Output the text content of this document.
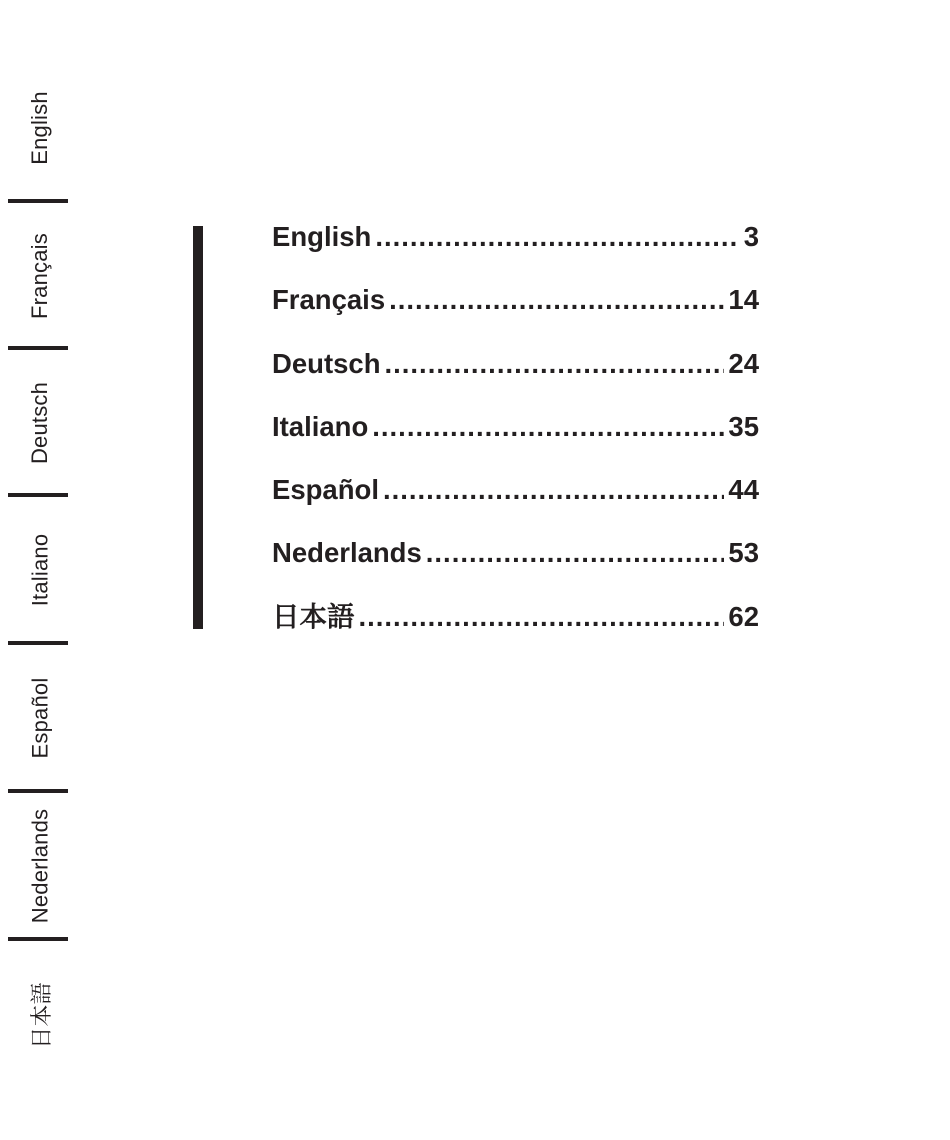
English
Français
Deutsch
Italiano
Español
Nederlands
日本語
English .....	3
Français .....	14
Deutsch .....	24
Italiano .....	35
Español .....	44
Nederlands .....	53
日本語 .....	62
